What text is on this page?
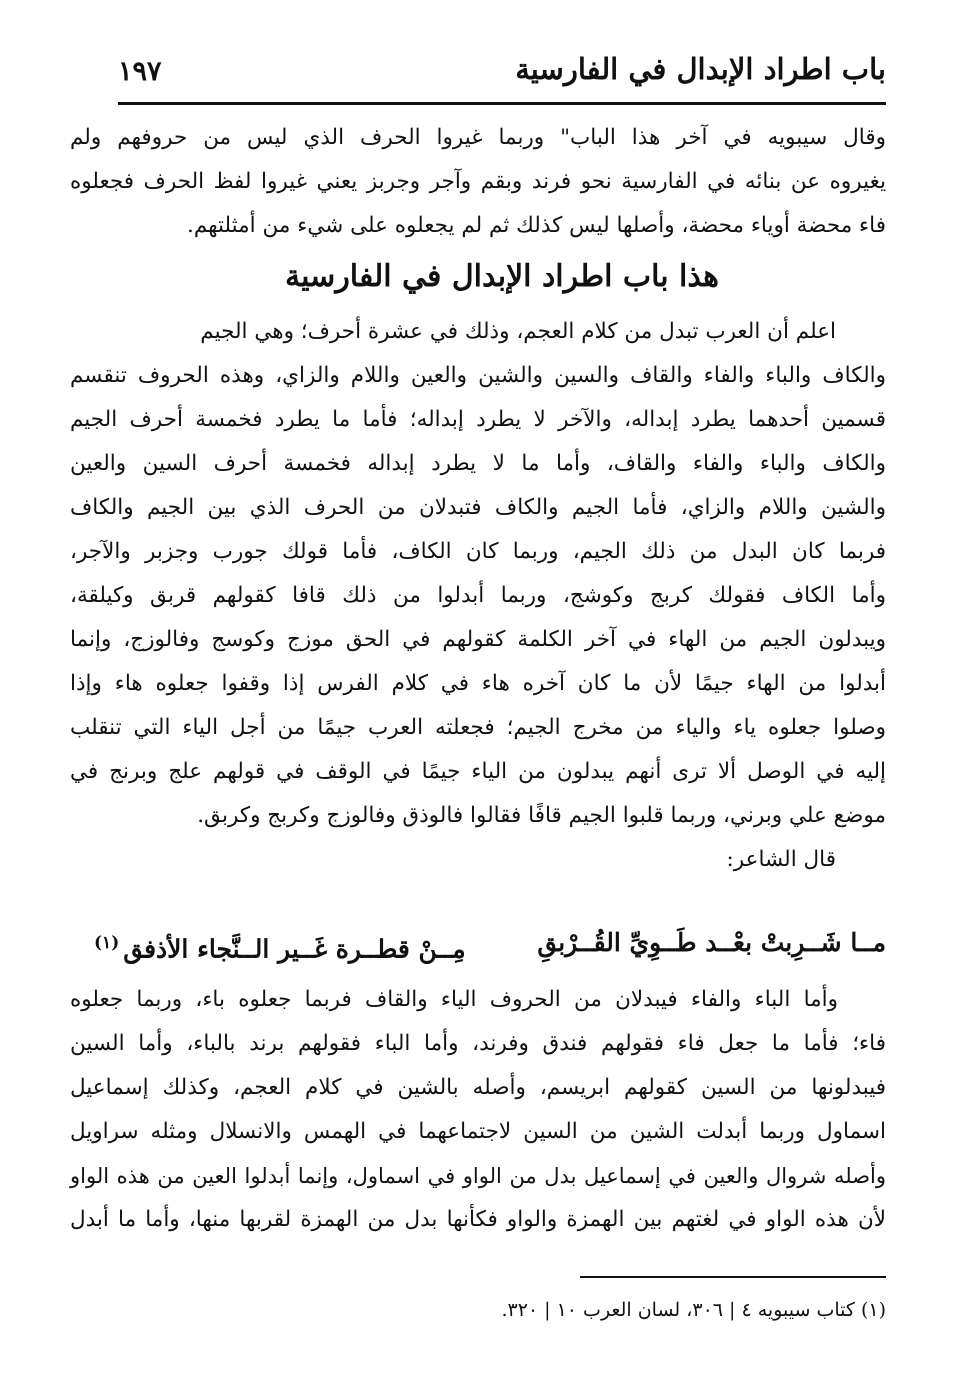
باب اطراد الإبدال في الفارسية
١٩٧
وقال سيبويه في آخر هذا الباب" وربما غيروا الحرف الذي ليس من حروفهم ولم
يغيروه عن بنائه في الفارسية نحو فرند وبقم وآجر وجربز يعني غيروا لفظ الحرف فجعلوه
فاء محضة أوياء محضة، وأصلها ليس كذلك ثم لم يجعلوه على شيء من أمثلتهم.
هذا باب اطراد الإبدال في الفارسية
اعلم أن العرب تبدل من كلام العجم، وذلك في عشرة أحرف؛ وهي الجيم
والكاف والباء والفاء والقاف والسين والشين والعين واللام والزاي، وهذه الحروف تنقسم
قسمين أحدهما يطرد إبداله، والآخر لا يطرد إبداله؛ فأما ما يطرد فخمسة أحرف الجيم
والكاف والباء والفاء والقاف، وأما ما لا يطرد إبداله فخمسة أحرف السين والعين
والشين واللام والزاي، فأما الجيم والكاف فتبدلان من الحرف الذي بين الجيم والكاف
فربما كان البدل من ذلك الجيم، وربما كان الكاف، فأما قولك جورب وجزبر والآجر،
وأما الكاف فقولك كربج وكوشج، وربما أبدلوا من ذلك قافا كقولهم قربق وكيلقة،
ويبدلون الجيم من الهاء في آخر الكلمة كقولهم في الحق موزج وكوسج وفالوزج، وإنما
أبدلوا من الهاء جيمًا لأن ما كان آخره هاء في كلام الفرس إذا وقفوا جعلوه هاء وإذا
وصلوا جعلوه ياء والياء من مخرج الجيم؛ فجعلته العرب جيمًا من أجل الياء التي تنقلب
إليه في الوصل ألا ترى أنهم يبدلون من الياء جيمًا في الوقف في قولهم علج وبرنج في
موضع علي وبرني، وربما قلبوا الجيم قافًا فقالوا فالوذق وفالوزج وكربج وكربق.
قال الشاعر:
مــا شَــرِبتْ بعْــد طَــوِيِّ القُــرْبقِ
مِــنْ قطــرة غَــير الــنَّجاء الأذفق$^{(١)}$
وأما الباء والفاء فيبدلان من الحروف الياء والقاف فربما جعلوه باء، وربما جعلوه
فاء؛ فأما ما جعل فاء فقولهم فندق وفرند، وأما الباء فقولهم برند بالباء، وأما السين
فيبدلونها من السين كقولهم ابريسم، وأصله بالشين في كلام العجم، وكذلك إسماعيل
اسماول وربما أبدلت الشين من السين لاجتماعهما في الهمس والانسلال ومثله سراويل
وأصله شروال والعين في إسماعيل بدل من الواو في اسماول، وإنما أبدلوا العين من هذه الواو
لأن هذه الواو في لغتهم بين الهمزة والواو فكأنها بدل من الهمزة لقربها منها، وأما ما أبدل
(١) كتاب سيبويه ٤ | ٣٠٦، لسان العرب ١٠ | ٣٢٠.
